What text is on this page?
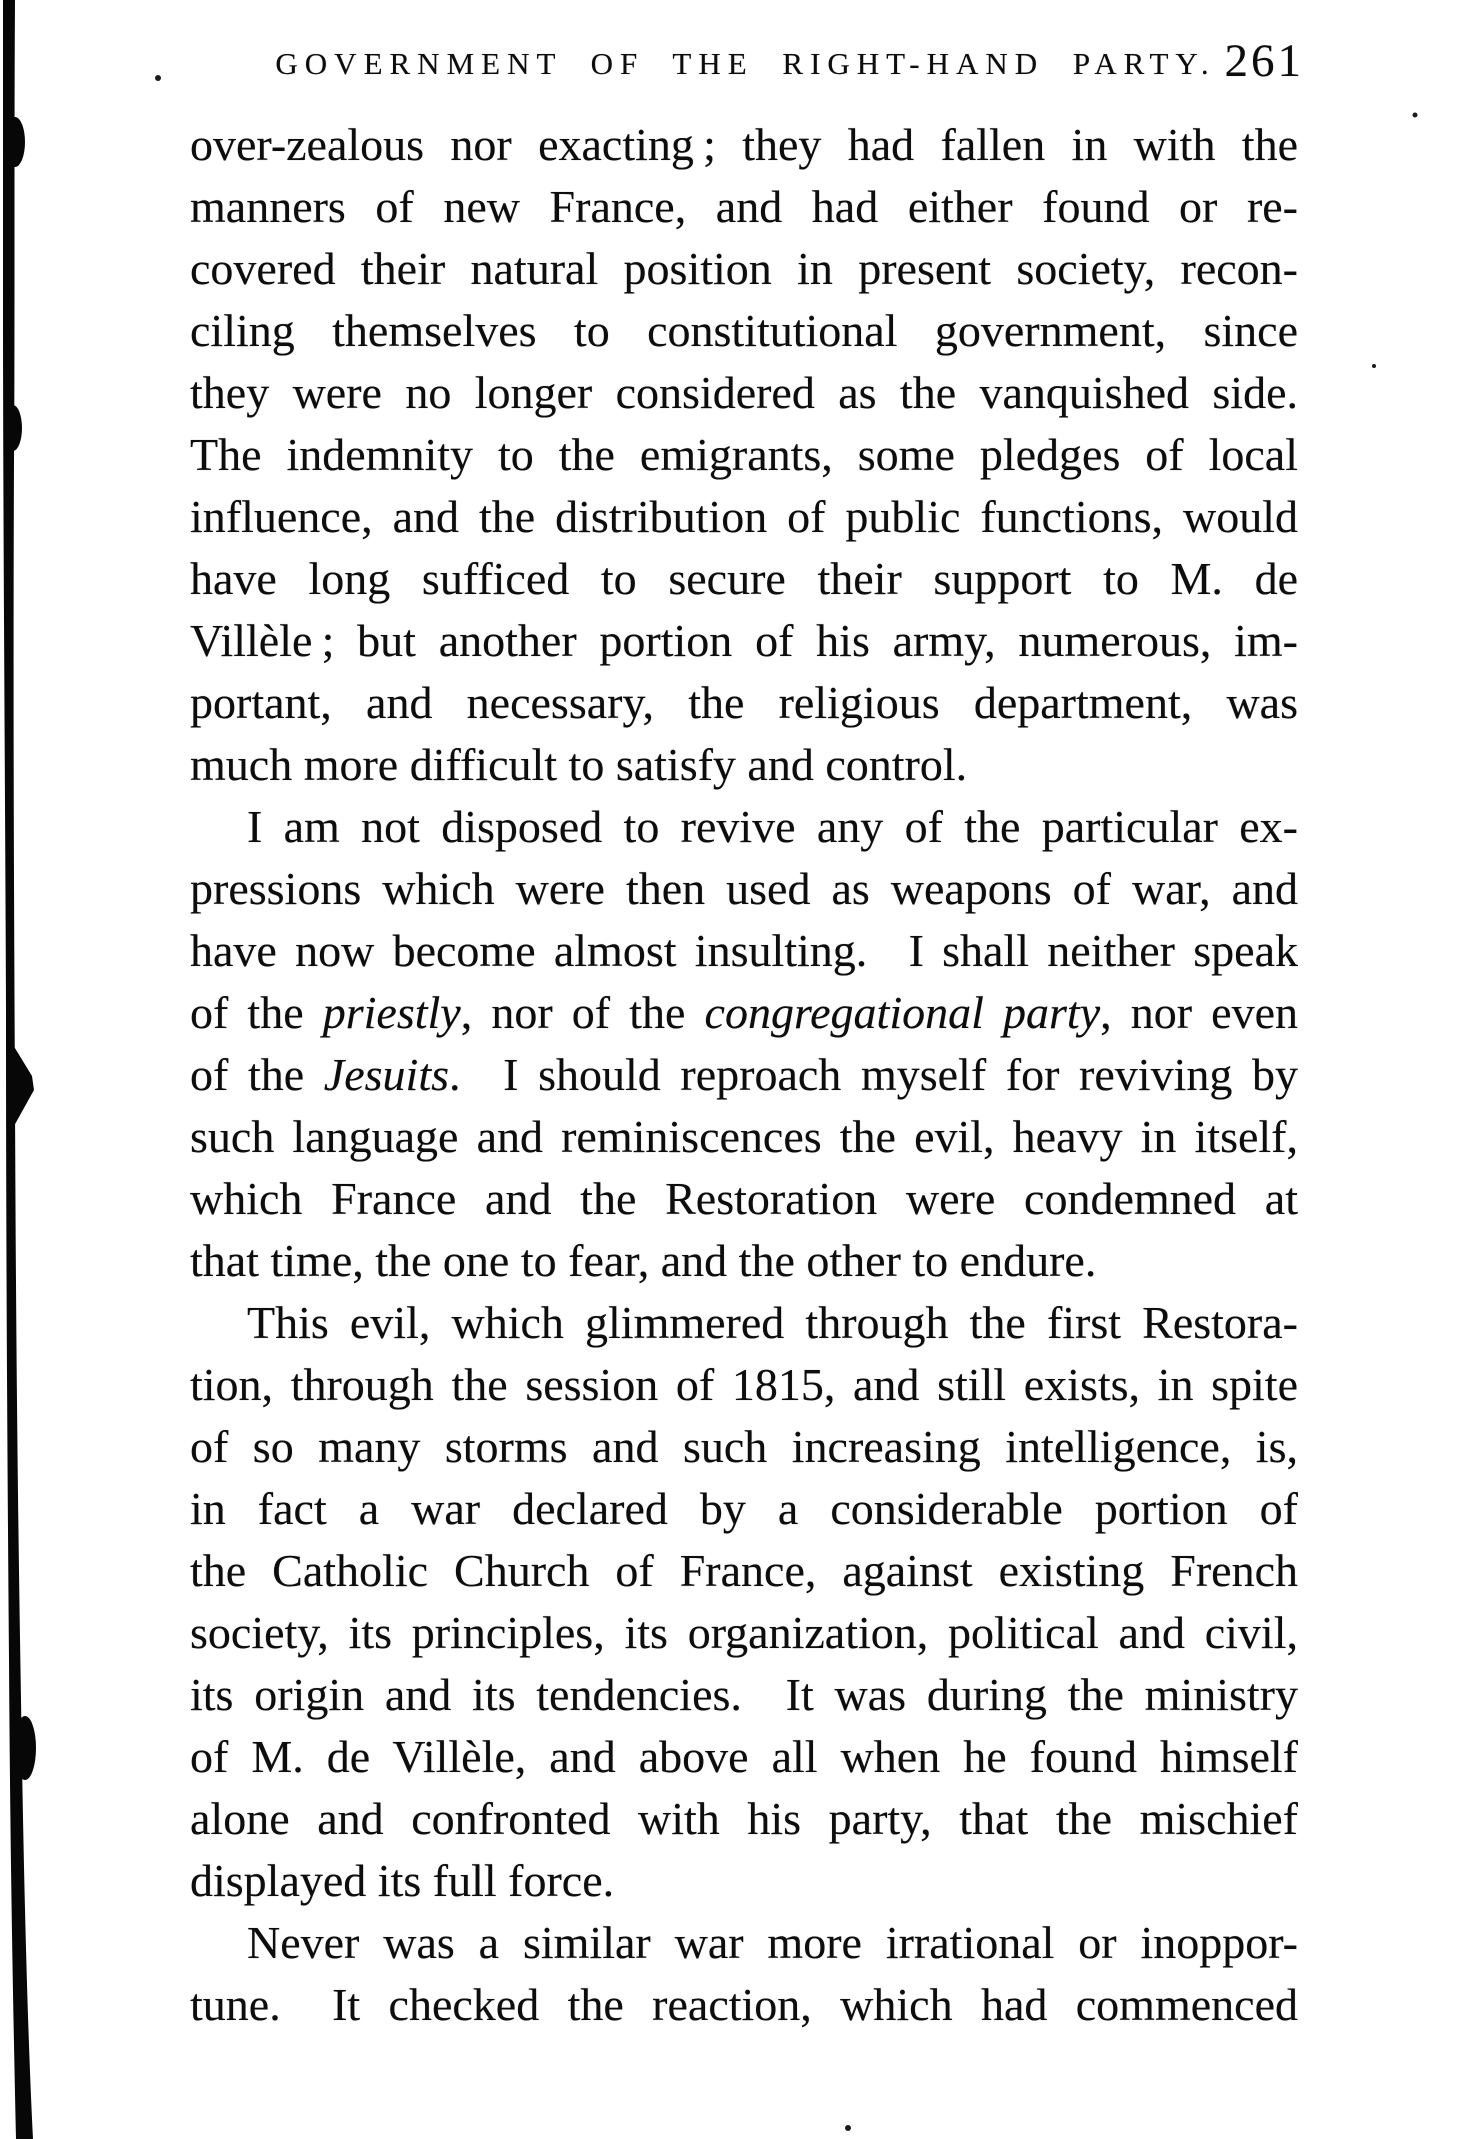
GOVERNMENT OF THE RIGHT-HAND PARTY. 261
over-zealous nor exacting ; they had fallen in with the
manners of new France, and had either found or re-
covered their natural position in present society, recon-
ciling themselves to constitutional government, since
they were no longer considered as the vanquished side.
The indemnity to the emigrants, some pledges of local
influence, and the distribution of public functions, would
have long sufficed to secure their support to M. de
Villèle ; but another portion of his army, numerous, im-
portant, and necessary, the religious department, was
much more difficult to satisfy and control.
I am not disposed to revive any of the particular ex-
pressions which were then used as weapons of war, and
have now become almost insulting.  I shall neither speak
of the priestly, nor of the congregational party, nor even
of the Jesuits.  I should reproach myself for reviving by
such language and reminiscences the evil, heavy in itself,
which France and the Restoration were condemned at
that time, the one to fear, and the other to endure.
This evil, which glimmered through the first Restora-
tion, through the session of 1815, and still exists, in spite
of so many storms and such increasing intelligence, is,
in fact a war declared by a considerable portion of
the Catholic Church of France, against existing French
society, its principles, its organization, political and civil,
its origin and its tendencies.  It was during the ministry
of M. de Villèle, and above all when he found himself
alone and confronted with his party, that the mischief
displayed its full force.
Never was a similar war more irrational or inoppor-
tune.  It checked the reaction, which had commenced
